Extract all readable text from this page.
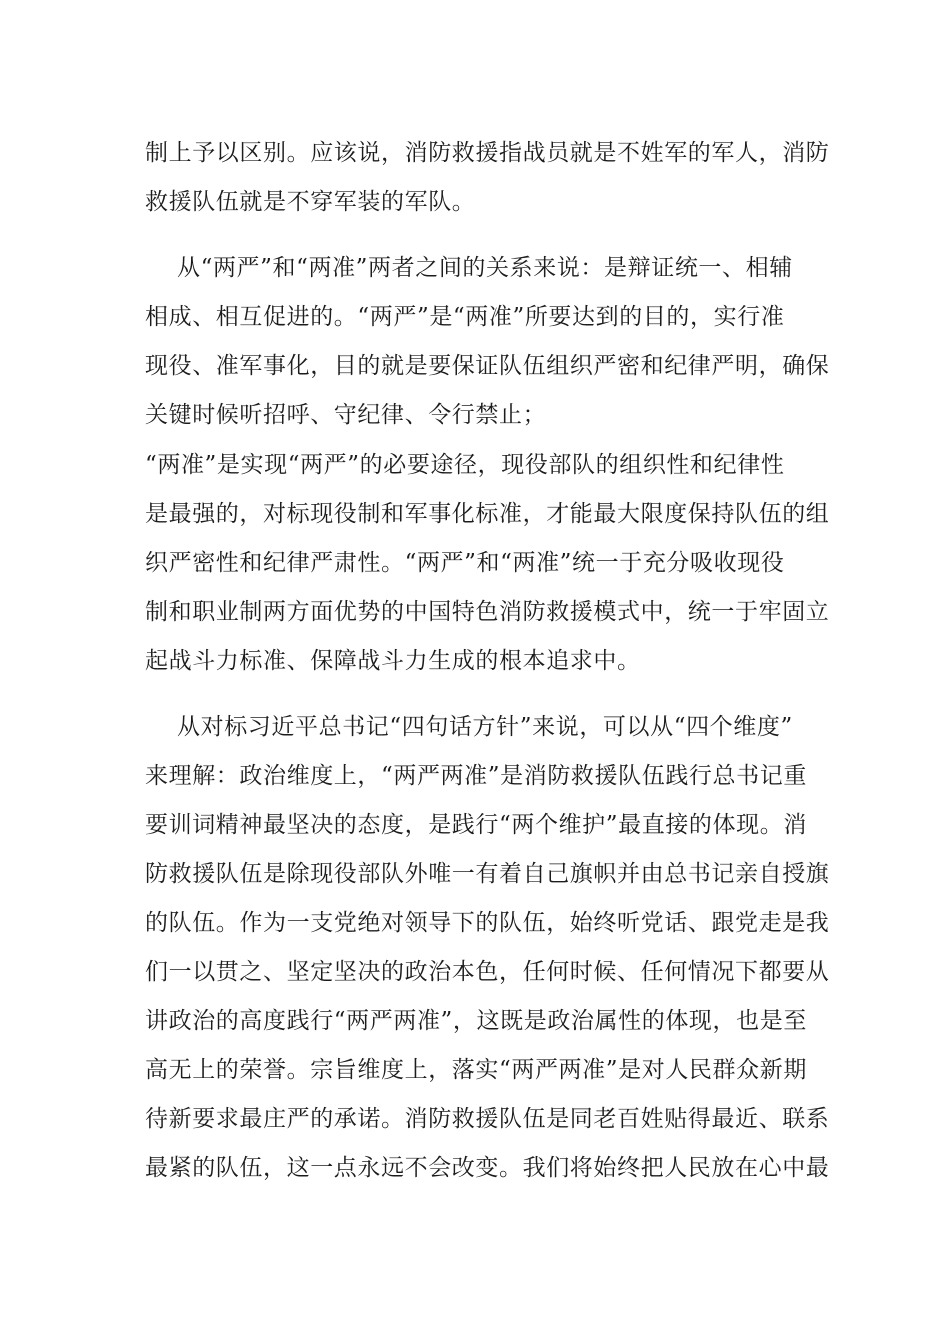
制上予以区别。应该说，消防救援指战员就是不姓军的军人，消防
救援队伍就是不穿军装的军队。
从“两严”和“两准”两者之间的关系来说：是辩证统一、相辅
相成、相互促进的。“两严”是“两准”所要达到的目的，实行准
现役、准军事化，目的就是要保证队伍组织严密和纪律严明，确保
关键时候听招呼、守纪律、令行禁止；
“两准”是实现“两严”的必要途径，现役部队的组织性和纪律性
是最强的，对标现役制和军事化标准，才能最大限度保持队伍的组
织严密性和纪律严肃性。“两严”和“两准”统一于充分吸收现役
制和职业制两方面优势的中国特色消防救援模式中，统一于牢固立
起战斗力标准、保障战斗力生成的根本追求中。
从对标习近平总书记“四句话方针”来说，可以从“四个维度”
来理解：政治维度上，“两严两准”是消防救援队伍践行总书记重
要训词精神最坚决的态度，是践行“两个维护”最直接的体现。消
防救援队伍是除现役部队外唯一有着自己旗帜并由总书记亲自授旗
的队伍。作为一支党绝对领导下的队伍，始终听党话、跟党走是我
们一以贯之、坚定坚决的政治本色，任何时候、任何情况下都要从
讲政治的高度践行“两严两准”，这既是政治属性的体现，也是至
高无上的荣誉。宗旨维度上，落实“两严两准”是对人民群众新期
待新要求最庄严的承诺。消防救援队伍是同老百姓贴得最近、联系
最紧的队伍，这一点永远不会改变。我们将始终把人民放在心中最
